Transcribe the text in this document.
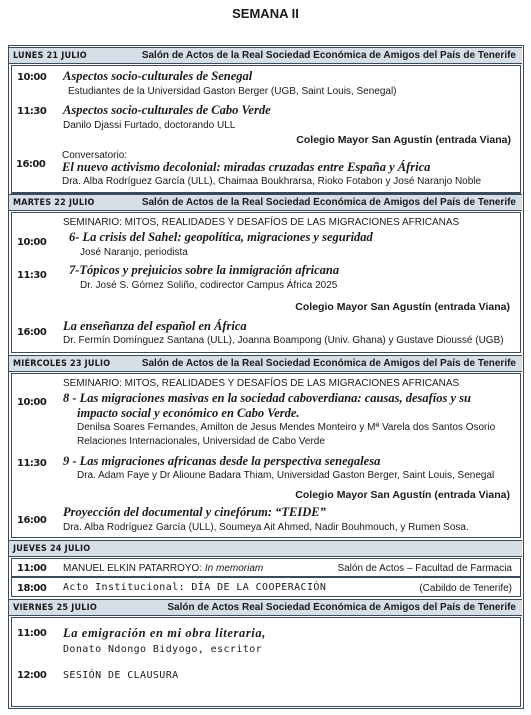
SEMANA II
LUNES 21 JULIO	Salón de Actos de la Real Sociedad Económica de Amigos del País de Tenerife
10:00 Aspectos socio-culturales de Senegal
Estudiantes de la Universidad Gaston Berger (UGB, Saint Louis, Senegal)
11:30 Aspectos socio-culturales de Cabo Verde
Danilo Djassi Furtado, doctorando ULL
Colegio Mayor San Agustín (entrada Viana)
Conversatorio:
16:00 El nuevo activismo decolonial: miradas cruzadas entre España y África
Dra. Alba Rodríguez García (ULL), Chaimaa Boukhrarsa, Rioko Fotabon y José Naranjo Noble
MARTES 22 JULIO	Salón de Actos de la Real Sociedad Económica de Amigos del País de Tenerife
SEMINARIO: MITOS, REALIDADES Y DESAFÍOS DE LAS MIGRACIONES AFRICANAS
10:00 6- La crisis del Sahel: geopolítica, migraciones y seguridad
José Naranjo, periodista
11:30 7-Tópicos y prejuicios sobre la inmigración africana
Dr. José S. Gómez Soliño, codirector Campus África 2025
Colegio Mayor San Agustín (entrada Viana)
16:00 La enseñanza del español en África
Dr. Fermín Domínguez Santana (ULL), Joanna Boampong (Univ. Ghana) y Gustave Dioussé (UGB)
MIÉRCOLES 23 JULIO	Salón de Actos de la Real Sociedad Económica de Amigos del País de Tenerife
SEMINARIO: MITOS, REALIDADES Y DESAFÍOS DE LAS MIGRACIONES AFRICANAS
10:00 8 - Las migraciones masivas en la sociedad caboverdiana: causas, desafíos y su
impacto social y económico en Cabo Verde.
Denilsa Soares Fernandes, Amilton de Jesus Mendes Monteiro y Mª Varela dos Santos Osorio
Relaciones Internacionales, Universidad de Cabo Verde
11:30 9 - Las migraciones africanas desde la perspectiva senegalesa
Dra. Adam Faye y Dr Alioune Badara Thiam, Universidad Gaston Berger, Saint Louis, Senegal
Colegio Mayor San Agustín (entrada Viana)
16:00
Proyección del documental y cinefórum: “TEIDE”
Dra. Alba Rodríguez García (ULL), Soumeya Ait Ahmed, Nadir Bouhmouch, y Rumen Sosa.
JUEVES 24 JULIO
11:00 MANUEL ELKIN PATARROYO: In memoriam	Salón de Actos – Facultad de Farmacia
18:00 Acto Institucional: DÍA DE LA COOPERACIÓN	(Cabildo de Tenerife)
VIERNES 25 JULIO	Salón de Actos Real Sociedad Económica de Amigos del País de Tenerife
11:00 La emigración en mi obra literaria,
Donato Ndongo Bidyogo, escritor
12:00 SESIÓN DE CLAUSURA
